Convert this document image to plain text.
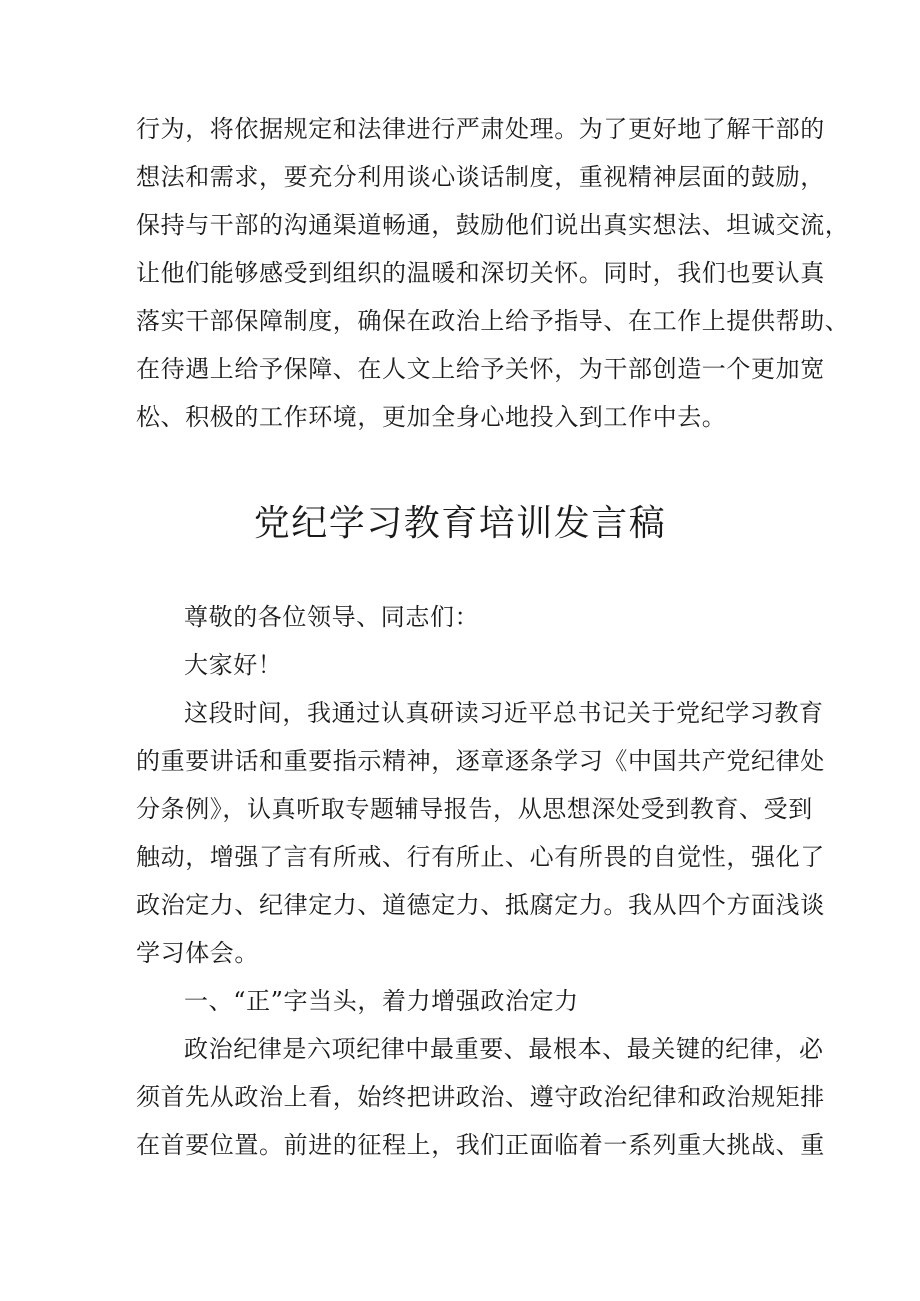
行为，将依据规定和法律进行严肃处理。为了更好地了解干部的
想法和需求，要充分利用谈心谈话制度，重视精神层面的鼓励，
保持与干部的沟通渠道畅通，鼓励他们说出真实想法、坦诚交流，
让他们能够感受到组织的温暖和深切关怀。同时，我们也要认真
落实干部保障制度，确保在政治上给予指导、在工作上提供帮助、
在待遇上给予保障、在人文上给予关怀，为干部创造一个更加宽
松、积极的工作环境，更加全身心地投入到工作中去。
党纪学习教育培训发言稿
尊敬的各位领导、同志们：
大家好！
这段时间，我通过认真研读习近平总书记关于党纪学习教育
的重要讲话和重要指示精神，逐章逐条学习《中国共产党纪律处
分条例》，认真听取专题辅导报告，从思想深处受到教育、受到
触动，增强了言有所戒、行有所止、心有所畏的自觉性，强化了
政治定力、纪律定力、道德定力、抵腐定力。我从四个方面浅谈
学习体会。
一、“正”字当头，着力增强政治定力
政治纪律是六项纪律中最重要、最根本、最关键的纪律，必
须首先从政治上看，始终把讲政治、遵守政治纪律和政治规矩排
在首要位置。前进的征程上，我们正面临着一系列重大挑战、重
